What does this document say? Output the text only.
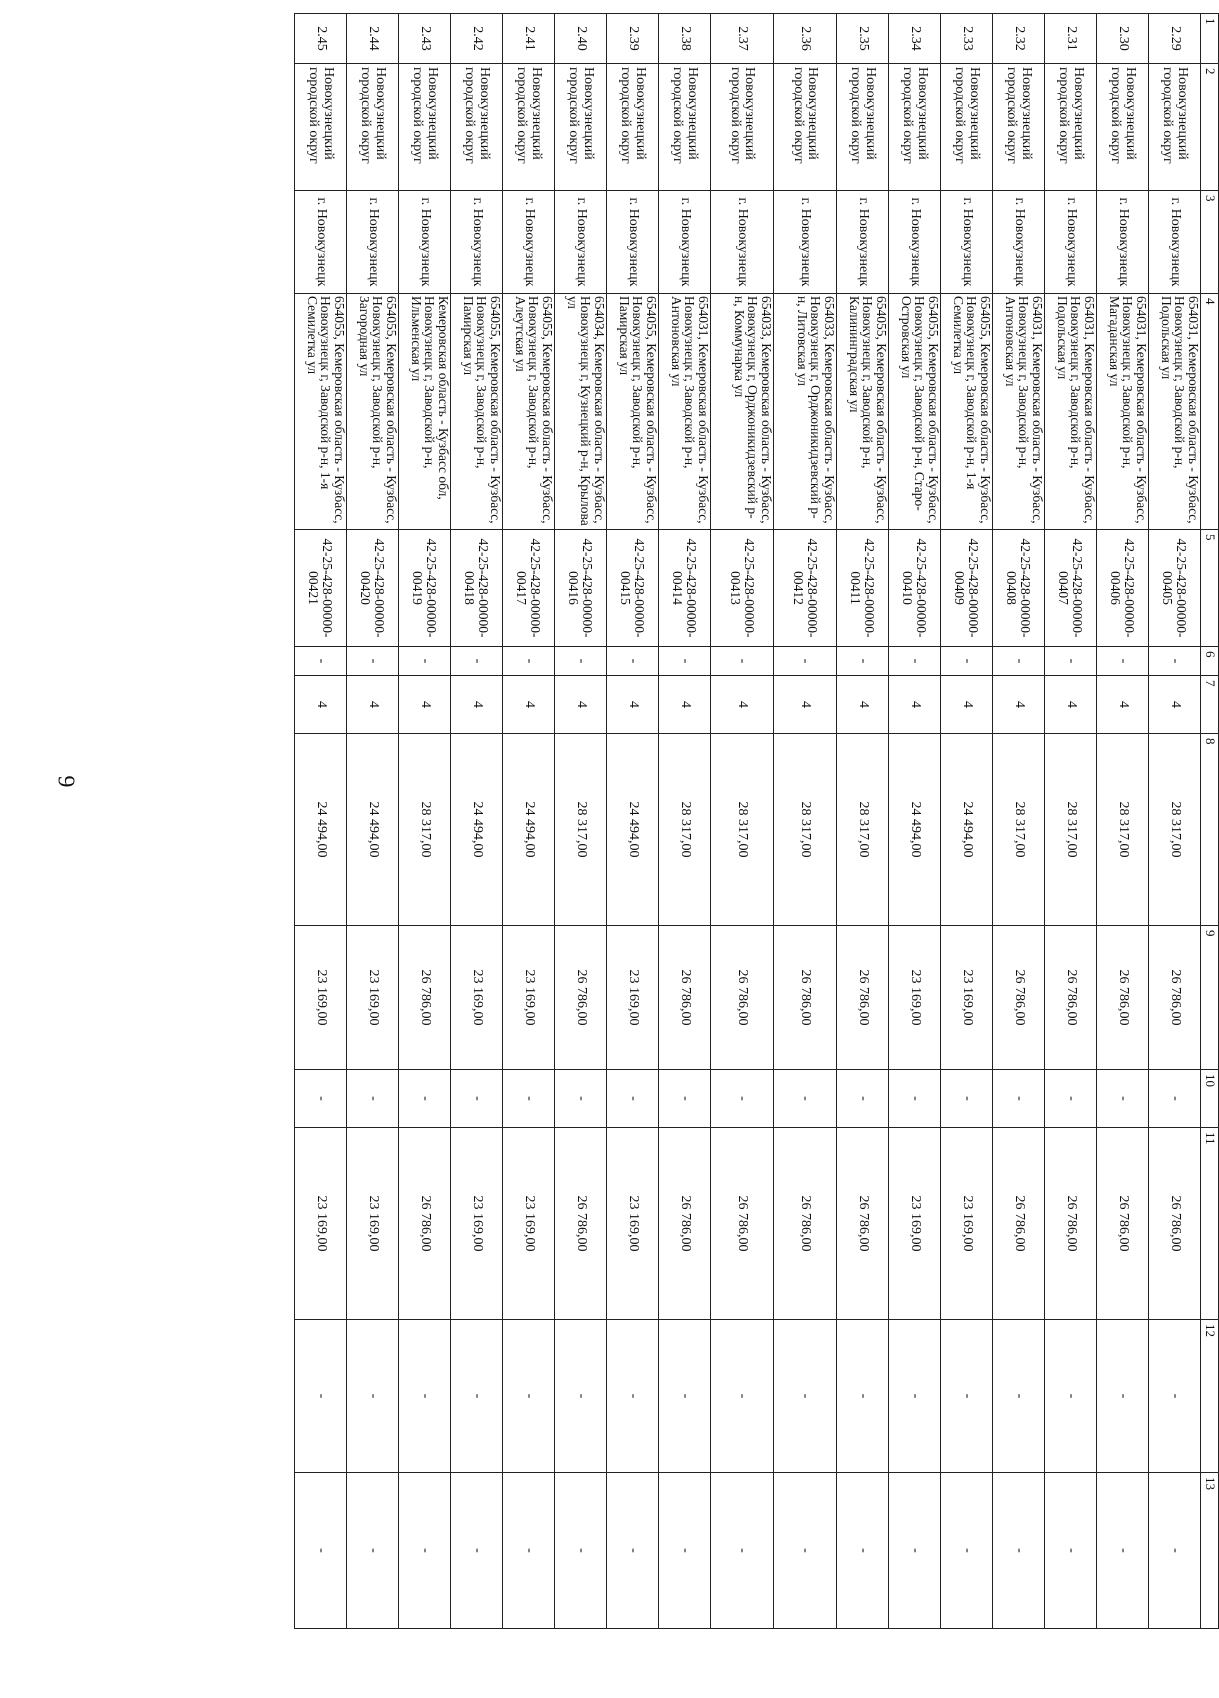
6
1	2	3	4	5	6	7	8	9	10	11	12	13
2.29	Новокузнецкий городской округ	г. Новокузнецк	654031, Кемеровская область - Кузбасс, Новокузнецк г, Заводской р-н, Подольская ул	42-25-428-00000-00405	-	4	28 317,00	26 786,00	-	26 786,00	-	-
2.30	Новокузнецкий городской округ	г. Новокузнецк	654031, Кемеровская область - Кузбасс, Новокузнецк г, Заводской р-н, Магаданская ул	42-25-428-00000-00406	-	4	28 317,00	26 786,00	-	26 786,00	-	-
2.31	Новокузнецкий городской округ	г. Новокузнецк	654031, Кемеровская область - Кузбасс, Новокузнецк г, Заводской р-н, Подольская ул	42-25-428-00000-00407	-	4	28 317,00	26 786,00	-	26 786,00	-	-
2.32	Новокузнецкий городской округ	г. Новокузнецк	654031, Кемеровская область - Кузбасс, Новокузнецк г, Заводской р-н, Антоновская ул	42-25-428-00000-00408	-	4	28 317,00	26 786,00	-	26 786,00	-	-
2.33	Новокузнецкий городской округ	г. Новокузнецк	654055, Кемеровская область - Кузбасс, Новокузнецк г, Заводской р-н, 1-я Семилетка ул	42-25-428-00000-00409	-	4	24 494,00	23 169,00	-	23 169,00	-	-
2.34	Новокузнецкий городской округ	г. Новокузнецк	654055, Кемеровская область - Кузбасс, Новокузнецк г, Заводской р-н, Старо-Островская ул	42-25-428-00000-00410	-	4	24 494,00	23 169,00	-	23 169,00	-	-
2.35	Новокузнецкий городской округ	г. Новокузнецк	654055, Кемеровская область - Кузбасс, Новокузнецк г, Заводской р-н, Калининградская ул	42-25-428-00000-00411	-	4	28 317,00	26 786,00	-	26 786,00	-	-
2.36	Новокузнецкий городской округ	г. Новокузнецк	654033, Кемеровская область - Кузбасс, Новокузнецк г, Орджоникидзевский р-н, Литовская ул	42-25-428-00000-00412	-	4	28 317,00	26 786,00	-	26 786,00	-	-
2.37	Новокузнецкий городской округ	г. Новокузнецк	654033, Кемеровская область - Кузбасс, Новокузнецк г, Орджоникидзевский р-н, Коммунарка ул	42-25-428-00000-00413	-	4	28 317,00	26 786,00	-	26 786,00	-	-
2.38	Новокузнецкий городской округ	г. Новокузнецк	654031, Кемеровская область - Кузбасс, Новокузнецк г, Заводской р-н, Антоновская ул	42-25-428-00000-00414	-	4	28 317,00	26 786,00	-	26 786,00	-	-
2.39	Новокузнецкий городской округ	г. Новокузнецк	654055, Кемеровская область - Кузбасс, Новокузнецк г, Заводской р-н, Памирская ул	42-25-428-00000-00415	-	4	24 494,00	23 169,00	-	23 169,00	-	-
2.40	Новокузнецкий городской округ	г. Новокузнецк	654034, Кемеровская область - Кузбасс, Новокузнецк г, Кузнецкий р-н, Крылова ул	42-25-428-00000-00416	-	4	28 317,00	26 786,00	-	26 786,00	-	-
2.41	Новокузнецкий городской округ	г. Новокузнецк	654055, Кемеровская область - Кузбасс, Новокузнецк г, Заводской р-н, Алеутская ул	42-25-428-00000-00417	-	4	24 494,00	23 169,00	-	23 169,00	-	-
2.42	Новокузнецкий городской округ	г. Новокузнецк	654055, Кемеровская область - Кузбасс, Новокузнецк г, Заводской р-н, Памирская ул	42-25-428-00000-00418	-	4	24 494,00	23 169,00	-	23 169,00	-	-
2.43	Новокузнецкий городской округ	г. Новокузнецк	Кемеровская область - Кузбасс обл, Новокузнецк г, Заводской р-н, Ильменская ул	42-25-428-00000-00419	-	4	28 317,00	26 786,00	-	26 786,00	-	-
2.44	Новокузнецкий городской округ	г. Новокузнецк	654055, Кемеровская область - Кузбасс, Новокузнецк г, Заводской р-н, Загородная ул	42-25-428-00000-00420	-	4	24 494,00	23 169,00	-	23 169,00	-	-
2.45	Новокузнецкий городской округ	г. Новокузнецк	654055, Кемеровская область - Кузбасс, Новокузнецк г, Заводской р-н, 1-я Семилетка ул	42-25-428-00000-00421	-	4	24 494,00	23 169,00	-	23 169,00	-	-
